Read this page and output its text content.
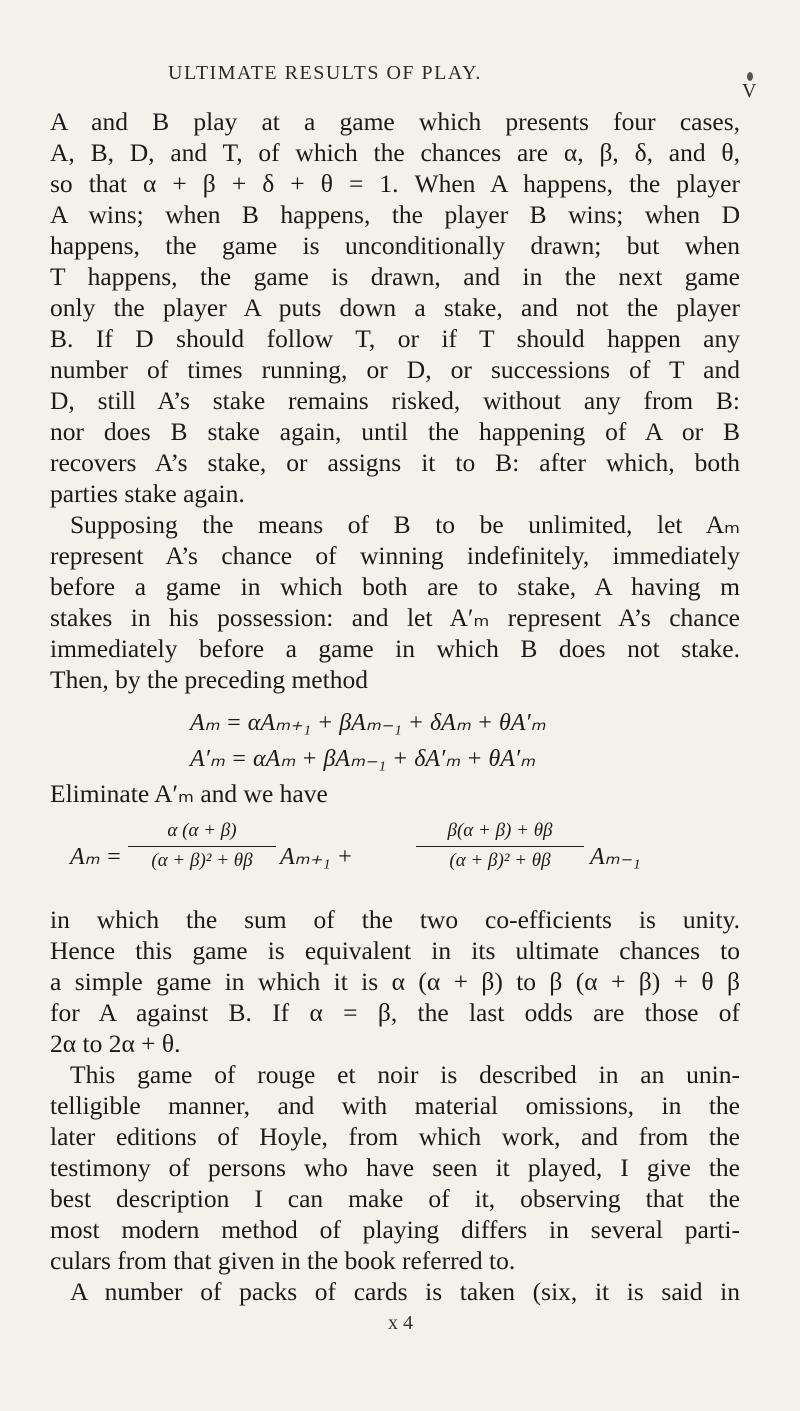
ULTIMATE RESULTS OF PLAY.
V
A and B play at a game which presents four cases,
A, B, D, and T, of which the chances are α, β, δ, and θ,
so that α + β + δ + θ = 1. When A happens, the player
A wins; when B happens, the player B wins; when D
happens, the game is unconditionally drawn; but when
T happens, the game is drawn, and in the next game
only the player A puts down a stake, and not the player
B. If D should follow T, or if T should happen any
number of times running, or D, or successions of T and
D, still A’s stake remains risked, without any from B:
nor does B stake again, until the happening of A or B
recovers A’s stake, or assigns it to B: after which, both
parties stake again.
Supposing the means of B to be unlimited, let Aₘ
represent A’s chance of winning indefinitely, immediately
before a game in which both are to stake, A having m
stakes in his possession: and let A′ₘ represent A’s chance
immediately before a game in which B does not stake.
Then, by the preceding method
Aₘ = αAₘ₊₁ + βAₘ₋₁ + δAₘ + θA′ₘ
A′ₘ = αAₘ + βAₘ₋₁ + δA′ₘ + θA′ₘ
Eliminate A′ₘ and we have
Aₘ =
α (α + β)
(α + β)² + θβ	Aₘ₊₁ +
β(α + β) + θβ
(α + β)² + θβ	Aₘ₋₁
in which the sum of the two co-efficients is unity.
Hence this game is equivalent in its ultimate chances to
a simple game in which it is α (α + β) to β (α + β) + θ β
for A against B. If α = β, the last odds are those of
2α to 2α + θ.
This game of rouge et noir is described in an unin-
telligible manner, and with material omissions, in the
later editions of Hoyle, from which work, and from the
testimony of persons who have seen it played, I give the
best description I can make of it, observing that the
most modern method of playing differs in several parti-
culars from that given in the book referred to.
A number of packs of cards is taken (six, it is said in
x 4
